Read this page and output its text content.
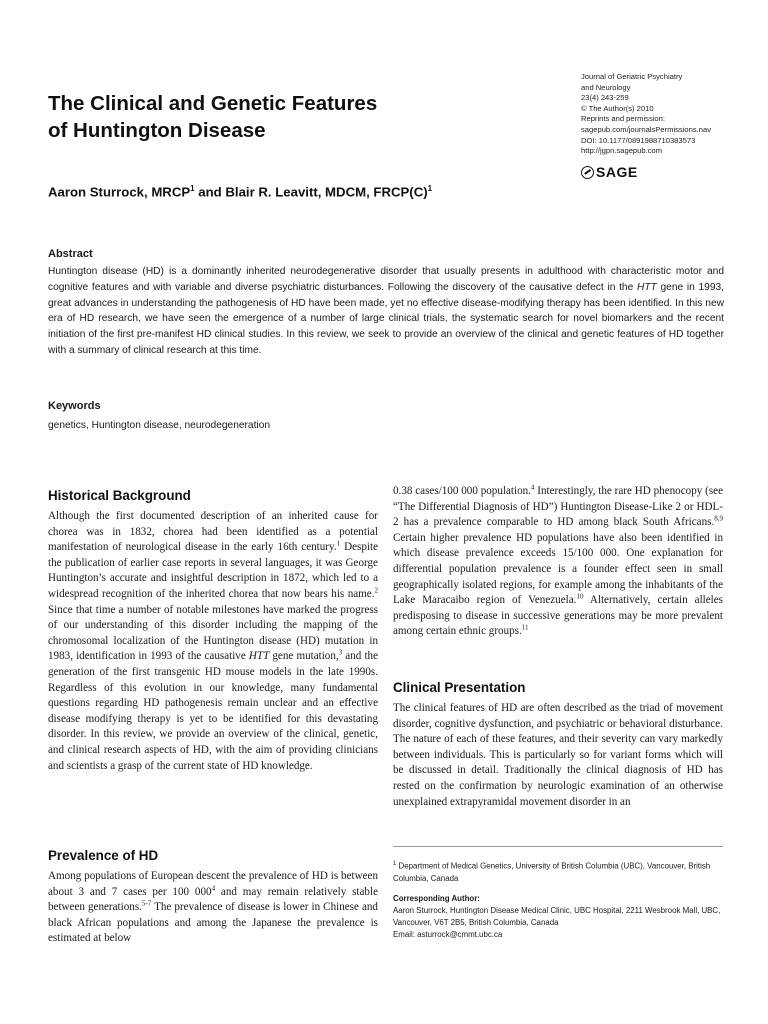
The Clinical and Genetic Features
of Huntington Disease
Journal of Geriatric Psychiatry
and Neurology
23(4) 243-259
© The Author(s) 2010
Reprints and permission:
sagepub.com/journalsPermissions.nav
DOI: 10.1177/0891988710383573
http://jgpn.sagepub.com
SAGE
Aaron Sturrock, MRCP$^1$ and Blair R. Leavitt, MDCM, $FRCP(C)^1$
Abstract

Huntington disease (HD) is a dominantly inherited neurodegenerative disorder that usually presents in adulthood with characteristic motor and cognitive features and with variable and diverse psychiatric disturbances. Following the discovery of the causative defect in the HTT gene in 1993, great advances in understanding the pathogenesis of HD have been made, yet no effective disease-modifying therapy has been identified. In this new era of HD research, we have seen the emergence of a number of large clinical trials, the systematic search for novel biomarkers and the recent initiation of the first pre-manifest HD clinical studies. In this review, we seek to provide an overview of the clinical and genetic features of HD together with a summary of clinical research at this time.

Keywords

genetics, Huntington disease, neurodegeneration

Historical Background

Although the first documented description of an inherited cause for chorea was in 1832, chorea had been identified as a potential manifestation of neurological disease in the early 16th century.$^1$ Despite the publication of earlier case reports in several languages, it was George Huntington’s accurate and insightful description in 1872, which led to a widespread recognition of the inherited chorea that now bears his name.$^2$ Since that time a number of notable milestones have marked the progress of our understanding of this disorder including the mapping of the chromosomal localization of the Huntington disease (HD) mutation in 1983, identification in 1993 of the causative HTT gene mutation,$^3$ and the generation of the first transgenic HD mouse models in the late 1990s. Regardless of this evolution in our knowledge, many fundamental questions regarding HD pathogenesis remain unclear and an effective disease modifying therapy is yet to be identified for this devastating disorder. In this review, we provide an overview of the clinical, genetic, and clinical research aspects of HD, with the aim of providing clinicians and scientists a grasp of the current state of HD knowledge.

Prevalence of HD

Among populations of European descent the prevalence of HD is between about 3 and 7 cases per 100 $000^4$ and may remain relatively stable between generations.$^{5-7}$ The prevalence of disease is lower in Chinese and black African populations and among the Japanese the prevalence is estimated at below

0.38 cases/100 000 population.$^4$ Interestingly, the rare HD phenocopy (see “The Differential Diagnosis of HD”) Huntington Disease-Like 2 or HDL-2 has a prevalence comparable to HD among black South Africans.$^{8,9}$ Certain higher prevalence HD populations have also been identified in which disease prevalence exceeds 15/100 000. One explanation for differential population prevalence is a founder effect seen in small geographically isolated regions, for example among the inhabitants of the Lake Maracaibo region of Venezuela.$^{10}$ Alternatively, certain alleles predisposing to disease in successive generations may be more prevalent among certain ethnic groups.$^{11}$

Clinical Presentation

The clinical features of HD are often described as the triad of movement disorder, cognitive dysfunction, and psychiatric or behavioral disturbance. The nature of each of these features, and their severity can vary markedly between individuals. This is particularly so for variant forms which will be discussed in detail. Traditionally the clinical diagnosis of HD has rested on the confirmation by neurologic examination of an otherwise unexplained extrapyramidal movement disorder in an

$^1$ Department of Medical Genetics, University of British Columbia (UBC), Vancouver, British Columbia, Canada

Corresponding Author:

Aaron Sturrock, Huntington Disease Medical Clinic, UBC Hospital, 2211 Wesbrook Mall, UBC, Vancouver, V6T 2B5, British Columbia, Canada

Email: asturrock@cmmt.ubc.ca
